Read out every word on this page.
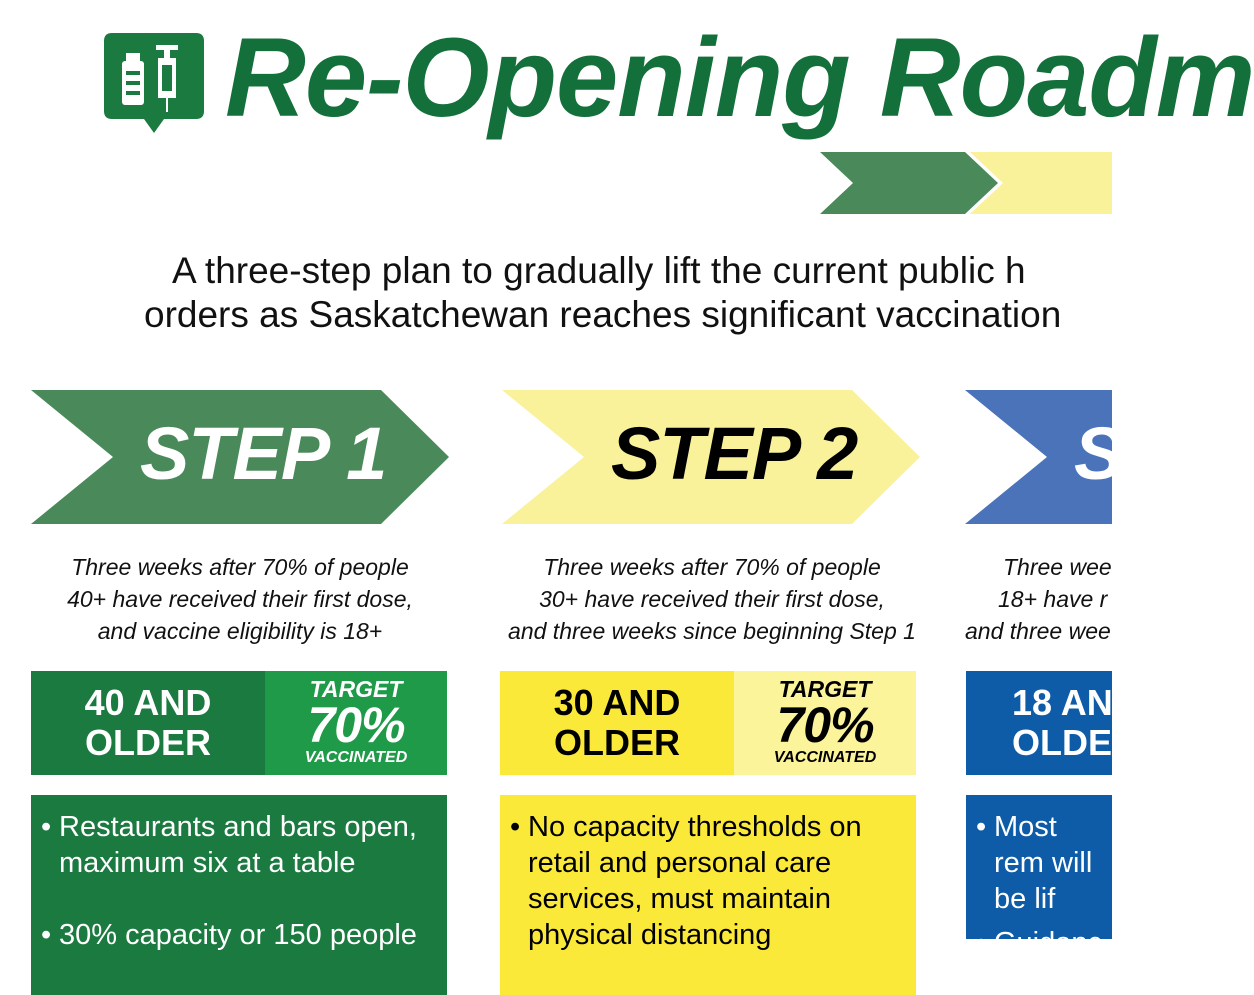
Re-Opening Roadm
A three-step plan to gradually lift the current public h
orders as Saskatchewan reaches significant vaccination
STEP 1
Three weeks after 70% of people
40+ have received their first dose,
and vaccine eligibility is 18+
40 AND
OLDER
TARGET
70%
VACCINATED
• Restaurants and bars open, maximum six at a table
• 30% capacity or 150 people
STEP 2
Three weeks after 70% of people
30+ have received their first dose,
and three weeks since beginning Step 1
30 AND
OLDER
TARGET
70%
VACCINATED
• No capacity thresholds on retail and personal care services, must maintain physical distancing
S
Three wee
18+ have r
and three wee
18 AN
OLDE
• Most rem will be lif
• Guidanc
